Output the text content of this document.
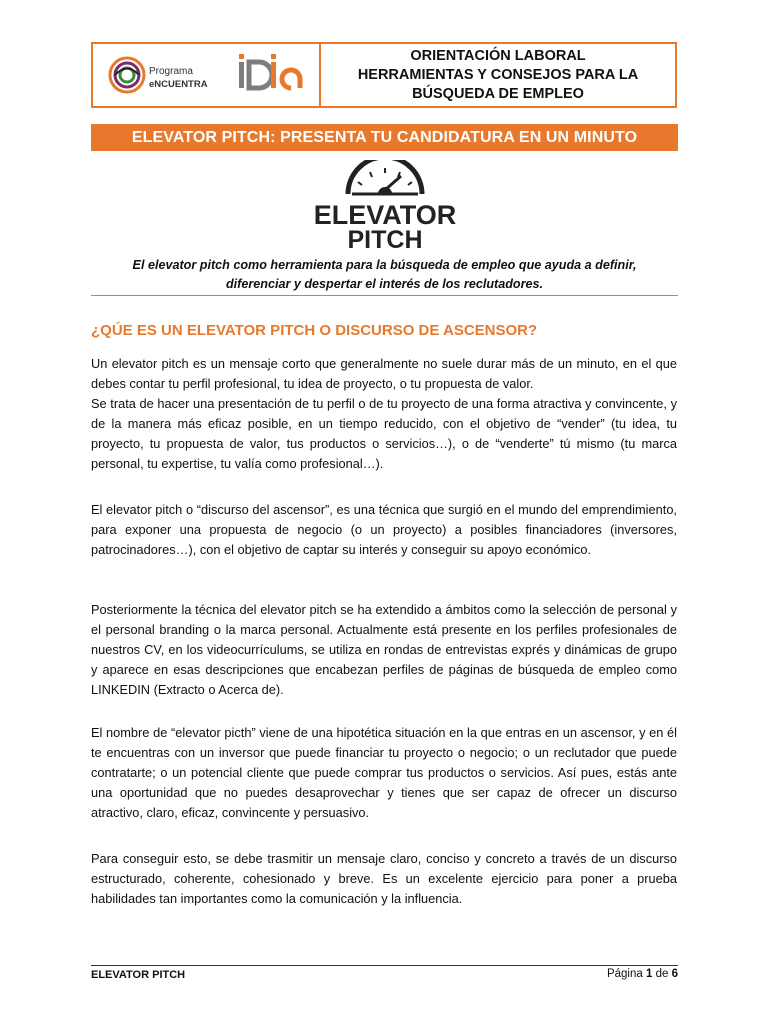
Programa
eNCUENTRA
ORIENTACIÓN LABORAL
HERRAMIENTAS Y CONSEJOS PARA LA
BÚSQUEDA DE EMPLEO
ELEVATOR PITCH: PRESENTA TU CANDIDATURA EN UN MINUTO
ELEVATOR
PITCH
El elevator pitch como herramienta para la búsqueda de empleo que ayuda a definir,
diferenciar y despertar el interés de los reclutadores.
¿QÚE ES UN ELEVATOR PITCH O DISCURSO DE ASCENSOR?

Un elevator pitch es un mensaje corto que generalmente no suele durar más de un minuto, en el que debes contar tu perfil profesional, tu idea de proyecto, o tu propuesta de valor.

Se trata de hacer una presentación de tu perfil o de tu proyecto de una forma atractiva y convincente, y de la manera más eficaz posible, en un tiempo reducido, con el objetivo de “vender” (tu idea, tu proyecto, tu propuesta de valor, tus productos o servicios…), o de “venderte” tú mismo (tu marca personal, tu expertise, tu valía como profesional…).

El elevator pitch o “discurso del ascensor”, es una técnica que surgió en el mundo del emprendimiento, para exponer una propuesta de negocio (o un proyecto) a posibles financiadores (inversores, patrocinadores…), con el objetivo de captar su interés y conseguir su apoyo económico.

Posteriormente la técnica del elevator pitch se ha extendido a ámbitos como la selección de personal y el personal branding o la marca personal. Actualmente está presente en los perfiles profesionales de nuestros CV, en los videocurrículums, se utiliza en rondas de entrevistas exprés y dinámicas de grupo y aparece en esas descripciones que encabezan perfiles de páginas de búsqueda de empleo como LINKEDIN (Extracto o Acerca de).

El nombre de “elevator picth” viene de una hipotética situación en la que entras en un ascensor, y en él te encuentras con un inversor que puede financiar tu proyecto o negocio; o un reclutador que puede contratarte; o un potencial cliente que puede comprar tus productos o servicios. Así pues, estás ante una oportunidad que no puedes desaprovechar y tienes que ser capaz de ofrecer un discurso atractivo, claro, eficaz, convincente y persuasivo.

Para conseguir esto, se debe trasmitir un mensaje claro, conciso y concreto a través de un discurso estructurado, coherente, cohesionado y breve. Es un excelente ejercicio para poner a prueba habilidades tan importantes como la comunicación y la influencia.

ELEVATOR PITCH	Página 1 de 6
